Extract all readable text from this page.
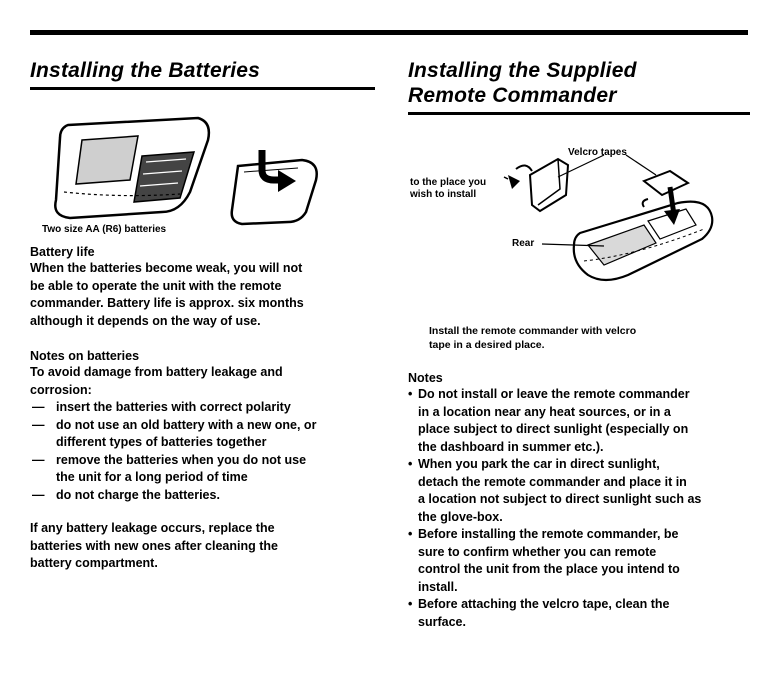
Installing the Batteries
Two size AA (R6) batteries

Battery life

When the batteries become weak, you will not

be able to operate the unit with the remote

commander. Battery life is approx. six months

although it depends on the way of use.

Notes on batteries

To avoid damage from battery leakage and

corrosion:

— insert the batteries with correct polarity
— do not use an old battery with a new one, or
different types of batteries together
— remove the batteries when you do not use
the unit for a long period of time
— do not charge the batteries.

If any battery leakage occurs, replace the

batteries with new ones after cleaning the

battery compartment.

Installing the Supplied
Remote Commander
Velcro tapes
to the place you
wish to install
Rear

Install the remote commander with velcro

tape in a desired place.

Notes

• Do not install or leave the remote commander
in a location near any heat sources, or in a
place subject to direct sunlight (especially on
the dashboard in summer etc.).
• When you park the car in direct sunlight,
detach the remote commander and place it in
a location not subject to direct sunlight such as
the glove-box.
• Before installing the remote commander, be
sure to confirm whether you can remote
control the unit from the place you intend to
install.
• Before attaching the velcro tape, clean the
surface.
